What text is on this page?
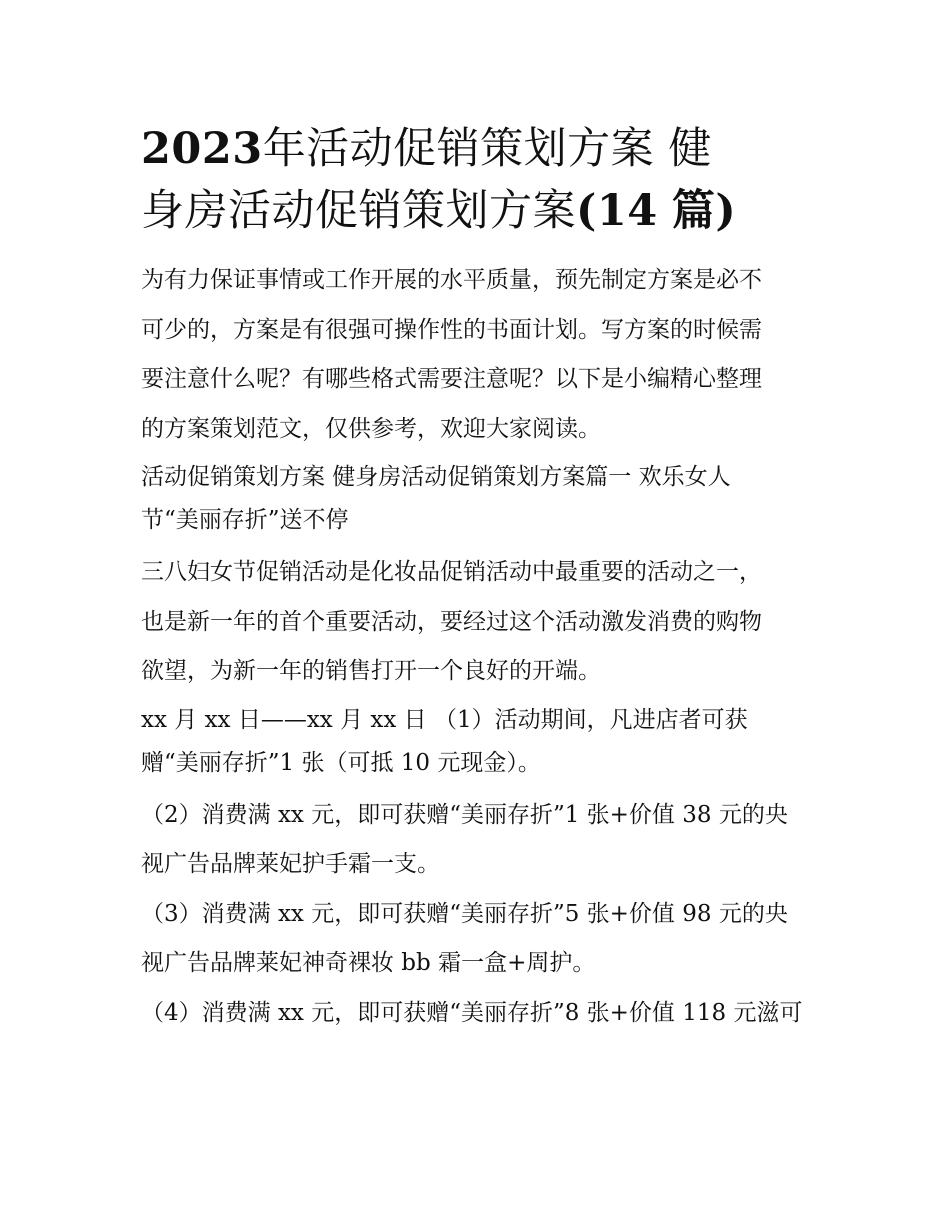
2023年活动促销策划方案 健
身房活动促销策划方案(14 篇)

为有力保证事情或工作开展的水平质量，预先制定方案是必不
可少的，方案是有很强可操作性的书面计划。写方案的时候需
要注意什么呢？有哪些格式需要注意呢？以下是小编精心整理
的方案策划范文，仅供参考，欢迎大家阅读。

活动促销策划方案 健身房活动促销策划方案篇一 欢乐女人
节“美丽存折”送不停

三八妇女节促销活动是化妆品促销活动中最重要的活动之一，
也是新一年的首个重要活动，要经过这个活动激发消费的购物
欲望，为新一年的销售打开一个良好的开端。

xx 月 xx 日——xx 月 xx 日 （1）活动期间，凡进店者可获
赠“美丽存折”1 张（可抵 10 元现金）。

（2）消费满 xx 元，即可获赠“美丽存折”1 张+价值 38 元的央
视广告品牌莱妃护手霜一支。

（3）消费满 xx 元，即可获赠“美丽存折”5 张+价值 98 元的央
视广告品牌莱妃神奇裸妆 bb 霜一盒+周护。

（4）消费满 xx 元，即可获赠“美丽存折”8 张+价值 118 元滋可
